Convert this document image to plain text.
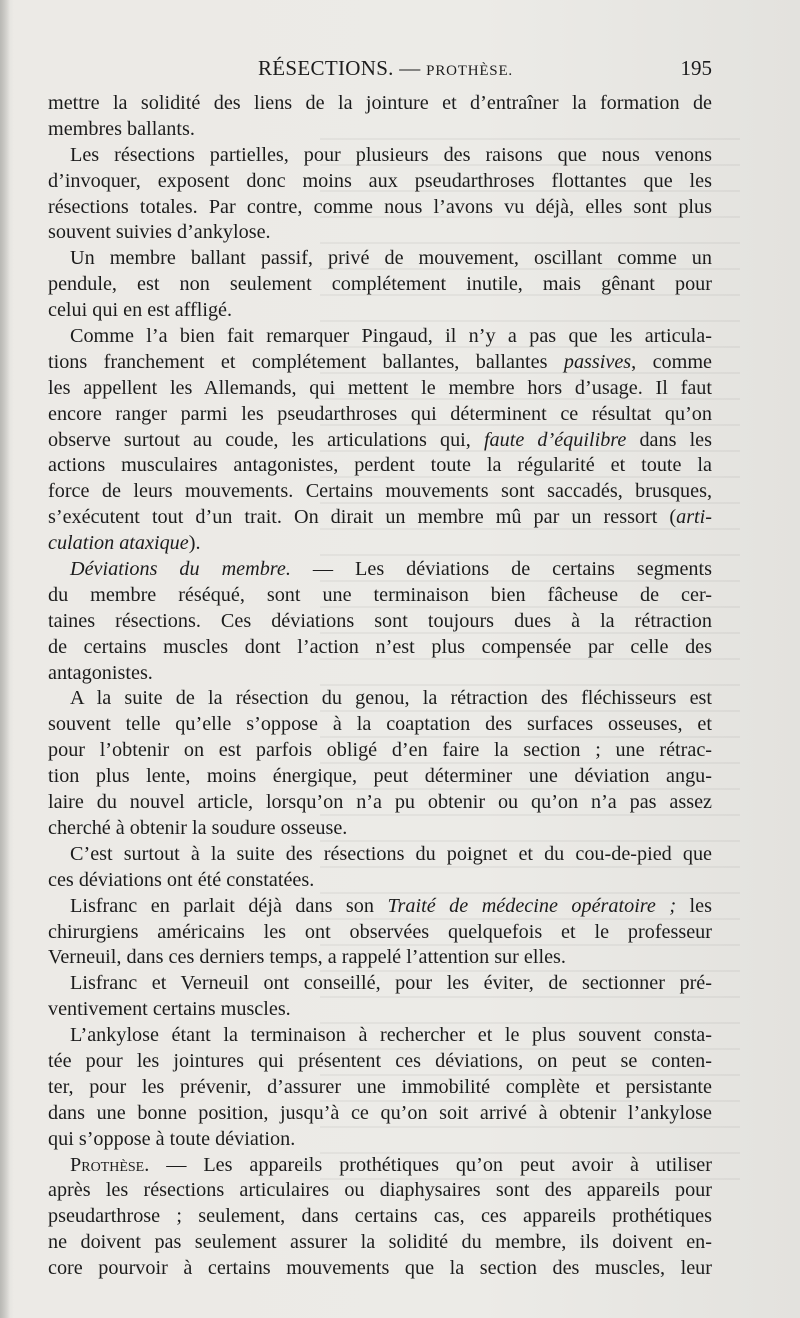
RÉSECTIONS. — PROTHÈSE.	195
mettre la solidité des liens de la jointure et d’entraîner la formation de
membres ballants.
Les résections partielles, pour plusieurs des raisons que nous venons
d’invoquer, exposent donc moins aux pseudarthroses flottantes que les
résections totales. Par contre, comme nous l’avons vu déjà, elles sont plus
souvent suivies d’ankylose.
Un membre ballant passif, privé de mouvement, oscillant comme un
pendule, est non seulement complétement inutile, mais gênant pour
celui qui en est affligé.
Comme l’a bien fait remarquer Pingaud, il n’y a pas que les articula-
tions franchement et complétement ballantes, ballantes passives, comme
les appellent les Allemands, qui mettent le membre hors d’usage. Il faut
encore ranger parmi les pseudarthroses qui déterminent ce résultat qu’on
observe surtout au coude, les articulations qui, faute d’équilibre dans les
actions musculaires antagonistes, perdent toute la régularité et toute la
force de leurs mouvements. Certains mouvements sont saccadés, brusques,
s’exécutent tout d’un trait. On dirait un membre mû par un ressort (arti-
culation ataxique).
Déviations du membre. — Les déviations de certains segments
du membre réséqué, sont une terminaison bien fâcheuse de cer-
taines résections. Ces déviations sont toujours dues à la rétraction
de certains muscles dont l’action n’est plus compensée par celle des
antagonistes.
A la suite de la résection du genou, la rétraction des fléchisseurs est
souvent telle qu’elle s’oppose à la coaptation des surfaces osseuses, et
pour l’obtenir on est parfois obligé d’en faire la section ; une rétrac-
tion plus lente, moins énergique, peut déterminer une déviation angu-
laire du nouvel article, lorsqu’on n’a pu obtenir ou qu’on n’a pas assez
cherché à obtenir la soudure osseuse.
C’est surtout à la suite des résections du poignet et du cou-de-pied que
ces déviations ont été constatées.
Lisfranc en parlait déjà dans son Traité de médecine opératoire ; les
chirurgiens américains les ont observées quelquefois et le professeur
Verneuil, dans ces derniers temps, a rappelé l’attention sur elles.
Lisfranc et Verneuil ont conseillé, pour les éviter, de sectionner pré-
ventivement certains muscles.
L’ankylose étant la terminaison à rechercher et le plus souvent consta-
tée pour les jointures qui présentent ces déviations, on peut se conten-
ter, pour les prévenir, d’assurer une immobilité complète et persistante
dans une bonne position, jusqu’à ce qu’on soit arrivé à obtenir l’ankylose
qui s’oppose à toute déviation.
Prothèse. — Les appareils prothétiques qu’on peut avoir à utiliser
après les résections articulaires ou diaphysaires sont des appareils pour
pseudarthrose ; seulement, dans certains cas, ces appareils prothétiques
ne doivent pas seulement assurer la solidité du membre, ils doivent en-
core pourvoir à certains mouvements que la section des muscles, leur
